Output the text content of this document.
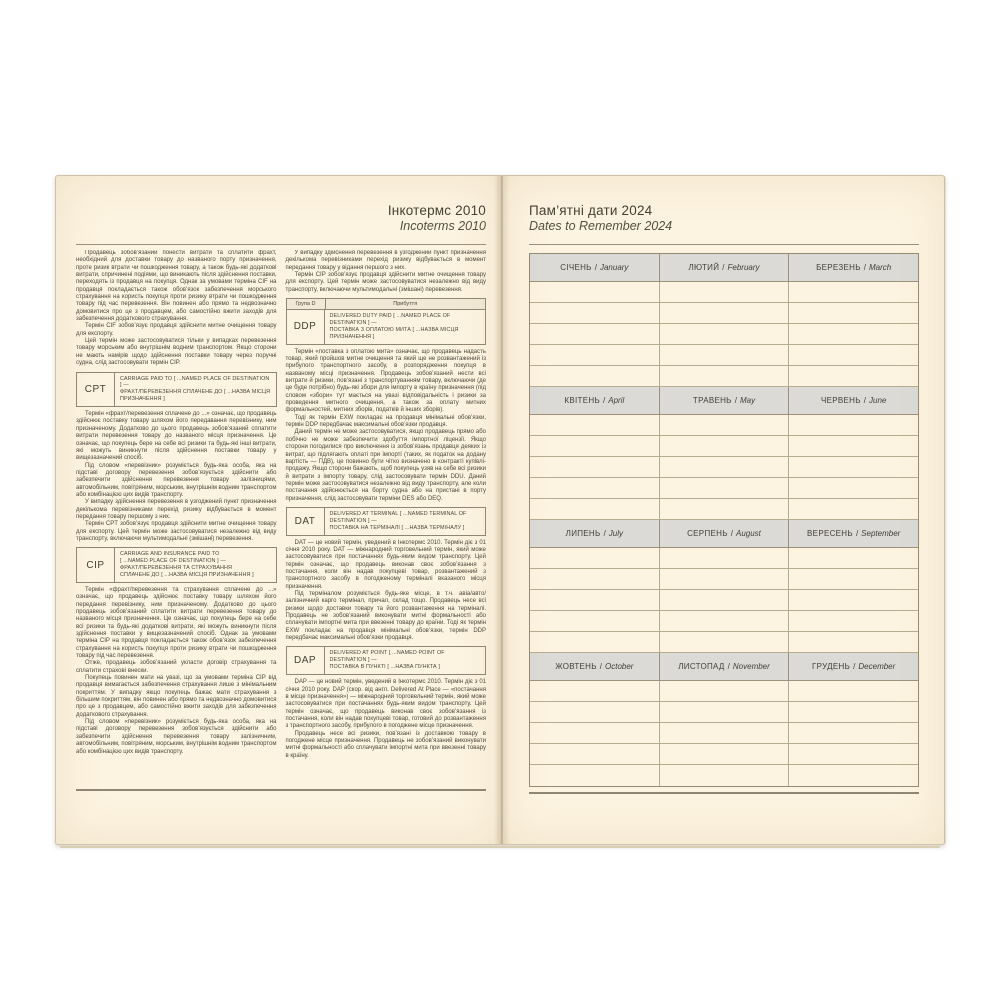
Інкотермс 2010
Incoterms 2010

Продавець зобов’язаний понести витрати та сплатити фрахт, необхідний для доставки товару до названого порту призначення, проте ризик втрати чи пошкодження товару, а також будь-які додаткові витрати, спричинені подіями, що виникають після здійснення поставки, переходять із продавця на покупця. Однак за умовами терміна CIF на продавця покладається також обов’язок забезпечення морського страхування на користь покупця проти ризику втрати чи пошкодження товару під час перевезення. Він повинен або прямо та недвозначно домовитися про це з продавцем, або самостійно вжити заходів для забезпечення додаткового страхування.

Термін CIF зобов’язує продавця здійснити митне очищення товару для експорту.

Цей термін може застосовуватися тільки у випадках перевезення товару морським або внутрішнім водним транспортом. Якщо сторони не мають намірів щодо здійснення поставки товару через поручні судна, слід застосовувати термін CIP.

CPT
CARRIAGE PAID TO [ ...NAMED PLACE OF DESTINATION ] —
ФРАХТ/ПЕРЕВЕЗЕННЯ СПЛАЧЕНЕ ДО [ ...НАЗВА МІСЦЯ ПРИЗНАЧЕННЯ ]

Термін «фрахт/перевезення сплачене до ...» означає, що продавець здійснює поставку товару шляхом його передавання перевізнику, ним призначеному. Додатково до цього продавець зобов’язаний сплатити витрати перевезення товару до названого місця призначення. Це означає, що покупець бере на себе всі ризики та будь-які інші витрати, які можуть виникнути після здійснення поставки товару у вищезазначений спосіб.

Під словом «перевізник» розуміється будь-яка особа, яка на підставі договору перевезення зобов’язується здійснити або забезпечити здійснення перевезення товару залізницями, автомобільним, повітряним, морським, внутрішнім водним транспортом або комбінацією цих видів транспорту.

У випадку здійснення перевезення в узгоджений пункт призначення декількома перевізниками перехід ризику відбувається в момент передання товару першому з них.

Термін CPT зобов’язує продавця здійснити митне очищення товару для експорту. Цей термін може застосовуватися незалежно від виду транспорту, включаючи мультимодальні (змішані) перевезення.

CIP
CARRIAGE AND INSURANCE PAID TO
[ ...NAMED PLACE OF DESTINATION ] —
ФРАХТ/ПЕРЕВЕЗЕННЯ ТА СТРАХУВАННЯ
СПЛАЧЕНЕ ДО [ ...НАЗВА МІСЦЯ ПРИЗНАЧЕННЯ ]

Термін «фрахт/перевезення та страхування сплачене до ...» означає, що продавець здійснює поставку товару шляхом його передання перевізнику, ним призначеному. Додатково до цього продавець зобов’язаний сплатити витрати перевезення товару до названого місця призначення. Це означає, що покупець бере на себе всі ризики та будь-які додаткові витрати, які можуть виникнути після здійснення поставки у вищезазначений спосіб. Однак за умовами терміна CIP на продавця покладається також обов’язок забезпечення страхування на користь покупця проти ризику втрати чи пошкодження товару під час перевезення.

Отже, продавець зобов’язаний укласти договір страхування та сплатити страхові внески.

Покупець повинен мати на увазі, що за умовами терміна CIP від продавця вимагається забезпечення страхування лише з мінімальним покриттям. У випадку якщо покупець бажає мати страхування з більшим покриттям, він повинен або прямо та недвозначно домовитися про це з продавцем, або самостійно вжити заходів для забезпечення додаткового страхування.

Під словом «перевізник» розуміється будь-яка особа, яка на підставі договору перевезення зобов’язується здійснити або забезпечити здійснення перевезення товару залізничним, автомобільним, повітряним, морським, внутрішнім водним транспортом або комбінацією цих видів транспорту.

У випадку здійснення перевезення в узгоджений пункт призначення декількома перевізниками перехід ризику відбувається в момент передання товару у відання першого з них.

Термін CIP зобов’язує продавця здійснити митне очищення товару для експорту. Цей термін може застосовуватися незалежно від виду транспорту, включаючи мультимодальні (змішані) перевезення.

Група D	Прибуття
DDP
DELIVERED DUTY PAID [ ...NAMED PLACE OF DESTINATION ] —
ПОСТАВКА З ОПЛАТОЮ МИТА [ ...НАЗВА МІСЦЯ ПРИЗНАЧЕННЯ ]

Термін «поставка з оплатою мита» означає, що продавець надасть товар, який пройшов митне очищення та який ще не розвантажений із прибулого транспортного засобу, в розпорядження покупця в названому місці призначення. Продавець зобов’язаний нести всі витрати й ризики, пов’язані з транспортуванням товару, включаючи (де це буде потрібно) будь-які збори для імпорту в країну призначення (під словом «збори» тут мається на увазі відповідальність і ризики за проведення митного очищення, а також за оплату митних формальностей, митних зборів, податків й інших зборів).

Тоді як термін EXW покладає на продавця мінімальні обов’язки, термін DDP передбачає максимальні обов’язки продавця.

Даний термін не може застосовуватися, якщо продавець прямо або побічно не може забезпечити здобуття імпортної ліцензії. Якщо сторони погодилися про виключення із зобов’язань продавця деяких із витрат, що підлягають оплаті при імпорті (таких, як податок на додану вартість — ПДВ), це повинно бути чітко визначено в контракті купівлі-продажу. Якщо сторони бажають, щоб покупець узяв на себе всі ризики й витрати з імпорту товару, слід застосовувати термін DDU. Даний термін може застосовуватися незалежно від виду транспорту, але коли постачання здійснюється на борту судна або на пристані в порту призначення, слід застосовувати терміни DES або DEQ.

DAT
DELIVERED AT TERMINAL [ ...NAMED TERMINAL OF DESTINATION ] —
ПОСТАВКА НА ТЕРМІНАЛІ [ ...НАЗВА ТЕРМІНАЛУ ]

DAT — це новий термін, уведений в Інкотермс 2010. Термін діє з 01 січня 2010 року. DAT — міжнародний торговельний термін, який може застосовуватися при постачаннях будь-яким видом транспорту. Цей термін означає, що продавець виконав своє зобов’язання з постачання, коли він надав покупцеві товар, розвантажений з транспортного засобу в погодженому терміналі вказаного місця призначення.

Під терміналом розуміється будь-яке місце, в т.ч. авіа/авто/залізничний карго термінал, причал, склад тощо. Продавець несе всі ризики щодо доставки товару та його розвантаження на терміналі. Продавець не зобов’язаний виконувати митні формальності або сплачувати імпортні мита при ввезенні товару до країни. Тоді як термін EXW покладає на продавця мінімальні обов’язки, термін DDP передбачає максимальні обов’язки продавця.

DAP
DELIVERED AT POINT [ ...NAMED POINT OF DESTINATION ] —
ПОСТАВКА В ПУНКТІ [ ...НАЗВА ПУНКТА ]

DAP — це новий термін, уведений в Інкотермс 2010. Термін діє з 01 січня 2010 року. DAP (скор. від англ. Delivered At Place — «постачання в місце призначення») — міжнародний торговельний термін, який може застосовуватися при постачаннях будь-яким видом транспорту. Цей термін означає, що продавець виконав своє зобов’язання із постачання, коли він надав покупцеві товар, готовий до розвантаження з транспортного засобу, прибулого в погоджене місце призначення.

Продавець несе всі ризики, пов’язані із доставкою товару в погоджене місце призначення. Продавець не зобов’язаний виконувати митні формальності або сплачувати імпортні мита при ввезенні товару в країну.

Пам’ятні дати 2024
Dates to Remember 2024
СІЧЕНЬ / January	ЛЮТИЙ / February	БЕРЕЗЕНЬ / March
КВІТЕНЬ / April	ТРАВЕНЬ / May	ЧЕРВЕНЬ / June
ЛИПЕНЬ / July	СЕРПЕНЬ / August	ВЕРЕСЕНЬ / September
ЖОВТЕНЬ / October	ЛИСТОПАД / November	ГРУДЕНЬ / December
